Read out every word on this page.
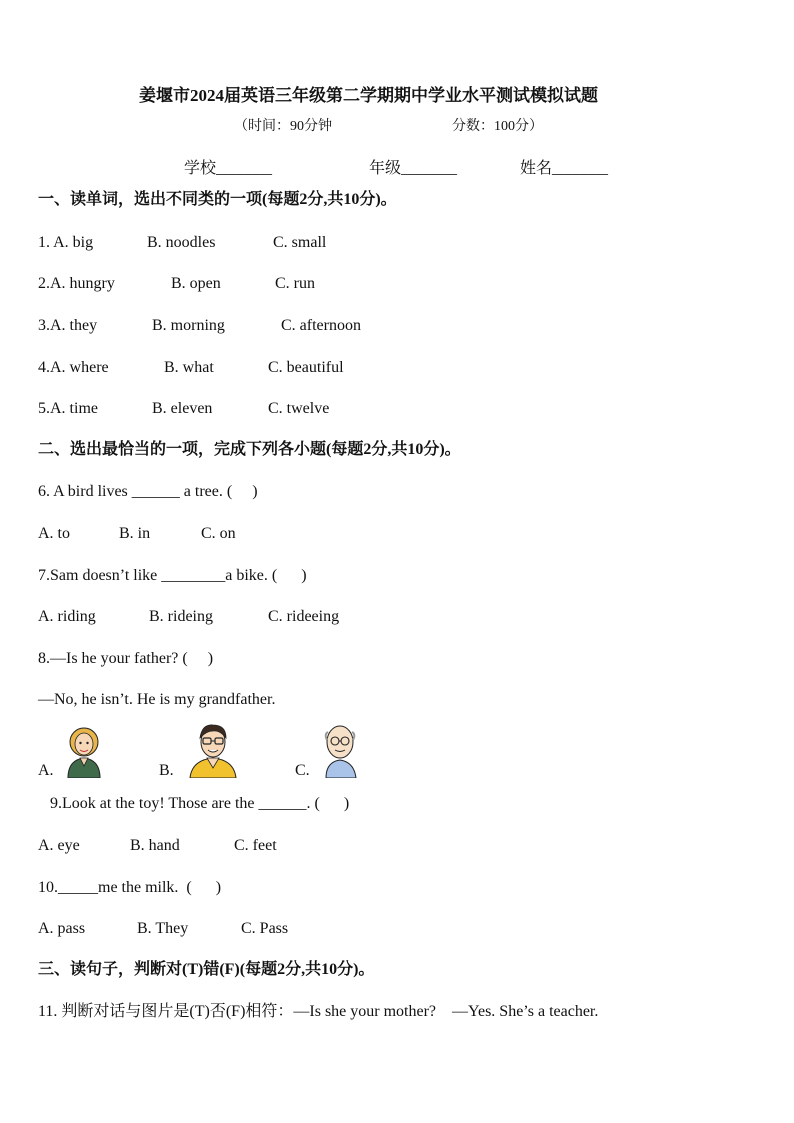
姜堰市2024届英语三年级第二学期期中学业水平测试模拟试题
（时间：90分钟	分数：100分）
学校_______	年级_______	姓名_______
一、读单词，选出不同类的一项(每题2分,共10分)。
1. A. big	B. noodles	C. small
2.A. hungry	B. open	C. run
3.A. they	B. morning	C. afternoon
4.A. where	B. what	C. beautiful
5.A. time	B. eleven	C. twelve
二、选出最恰当的一项，完成下列各小题(每题2分,共10分)。
6. A bird lives ______ a tree. (     )
A. to	B. in	C. on
7.Sam doesn’t like ________a bike. (      )
A. riding	B. rideing	C. rideeing
8.—Is he your father? (     )
—No, he isn’t. He is my grandfather.
A.	B.	C.
9.Look at the toy! Those are the ______. (      )
A. eye	B. hand	C. feet
10._____me the milk.  (      )
A. pass	B. They	C. Pass
三、读句子，判断对(T)错(F)(每题2分,共10分)。
11. 判断对话与图片是(T)否(F)相符：—Is she your mother?    —Yes. She’s a teacher.
